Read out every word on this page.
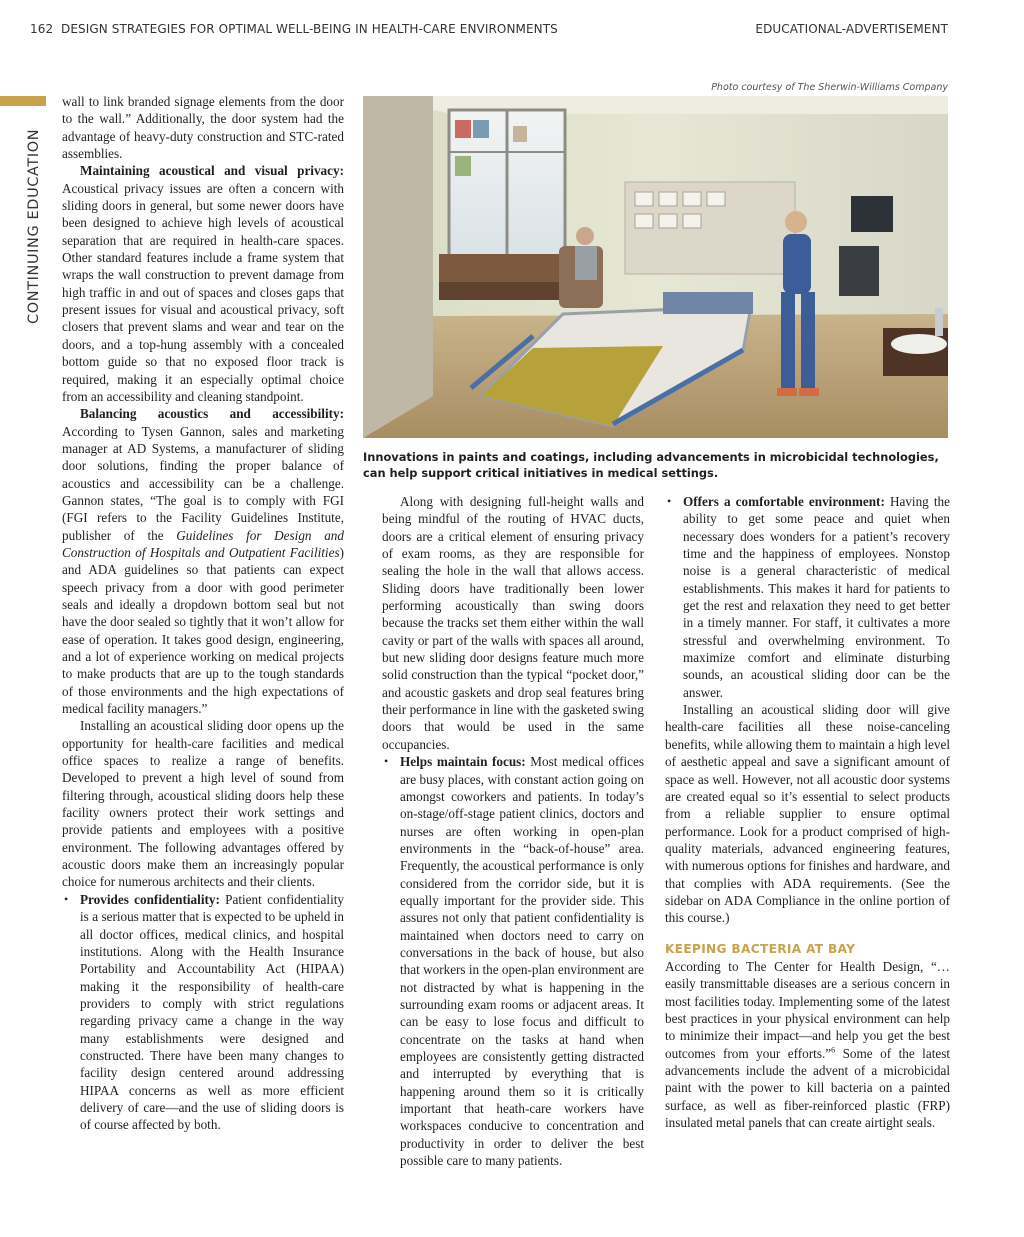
162 DESIGN STRATEGIES FOR OPTIMAL WELL-BEING IN HEALTH-CARE ENVIRONMENTS	EDUCATIONAL-ADVERTISEMENT
CONTINUING EDUCATION

wall to link branded signage elements from the door to the wall.” Additionally, the door system had the advantage of heavy-duty construction and STC-rated assemblies.

Maintaining acoustical and visual privacy: Acoustical privacy issues are often a concern with sliding doors in general, but some newer doors have been designed to achieve high levels of acoustical separation that are required in health-care spaces. Other standard features include a frame system that wraps the wall construction to prevent damage from high traffic in and out of spaces and closes gaps that present issues for visual and acoustical privacy, soft closers that prevent slams and wear and tear on the doors, and a top-hung assembly with a concealed bottom guide so that no exposed floor track is required, making it an especially optimal choice from an accessibility and cleaning standpoint.

Balancing acoustics and accessibility: According to Tysen Gannon, sales and marketing manager at AD Systems, a manufacturer of sliding door solutions, finding the proper balance of acoustics and accessibility can be a challenge. Gannon states, “The goal is to comply with FGI (FGI refers to the Facility Guidelines Institute, publisher of the Guidelines for Design and Construction of Hospitals and Outpatient Facilities) and ADA guidelines so that patients can expect speech privacy from a door with good perimeter seals and ideally a dropdown bottom seal but not have the door sealed so tightly that it won’t allow for ease of operation. It takes good design, engineering, and a lot of experience working on medical projects to make products that are up to the tough standards of those environments and the high expectations of medical facility managers.”

Installing an acoustical sliding door opens up the opportunity for health-care facilities and medical office spaces to realize a range of benefits. Developed to prevent a high level of sound from filtering through, acoustical sliding doors help these facility owners protect their work settings and provide patients and employees with a positive environment. The following advantages offered by acoustic doors make them an increasingly popular choice for numerous architects and their clients.

• Provides confidentiality: Patient confidentiality is a serious matter that is expected to be upheld in all doctor offices, medical clinics, and hospital institutions. Along with the Health Insurance Portability and Accountability Act (HIPAA) making it the responsibility of health-care providers to comply with strict regulations regarding privacy came a change in the way many establishments were designed and constructed. There have been many changes to facility design centered around addressing HIPAA concerns as well as more efficient delivery of care—and the use of sliding doors is of course affected by both.
Photo courtesy of The Sherwin-Williams Company
Innovations in paints and coatings, including advancements in microbicidal technologies, can help support critical initiatives in medical settings.

Along with designing full-height walls and being mindful of the routing of HVAC ducts, doors are a critical element of ensuring privacy of exam rooms, as they are responsible for sealing the hole in the wall that allows access. Sliding doors have traditionally been lower performing acoustically than swing doors because the tracks set them either within the wall cavity or part of the walls with spaces all around, but new sliding door designs feature much more solid construction than the typical “pocket door,” and acoustic gaskets and drop seal features bring their performance in line with the gasketed swing doors that would be used in the same occupancies.

• Helps maintain focus: Most medical offices are busy places, with constant action going on amongst coworkers and patients. In today’s on-stage/off-stage patient clinics, doctors and nurses are often working in open-plan environments in the “back-of-house” area. Frequently, the acoustical performance is only considered from the corridor side, but it is equally important for the provider side. This assures not only that patient confidentiality is maintained when doctors need to carry on conversations in the back of house, but also that workers in the open-plan environment are not distracted by what is happening in the surrounding exam rooms or adjacent areas. It can be easy to lose focus and difficult to concentrate on the tasks at hand when employees are consistently getting distracted and interrupted by everything that is happening around them so it is critically important that heath-care workers have workspaces conducive to concentration and productivity in order to deliver the best possible care to many patients.
• Offers a comfortable environment: Having the ability to get some peace and quiet when necessary does wonders for a patient’s recovery time and the happiness of employees. Nonstop noise is a general characteristic of medical establishments. This makes it hard for patients to get the rest and relaxation they need to get better in a timely manner. For staff, it cultivates a more stressful and overwhelming environment. To maximize comfort and eliminate disturbing sounds, an acoustical sliding door can be the answer.

Installing an acoustical sliding door will give health-care facilities all these noise-canceling benefits, while allowing them to maintain a high level of aesthetic appeal and save a significant amount of space as well. However, not all acoustic door systems are created equal so it’s essential to select products from a reliable supplier to ensure optimal performance. Look for a product comprised of high-quality materials, advanced engineering features, with numerous options for finishes and hardware, and that complies with ADA requirements. (See the sidebar on ADA Compliance in the online portion of this course.)

KEEPING BACTERIA AT BAY

According to The Center for Health Design, “…easily transmittable diseases are a serious concern in most facilities today. Implementing some of the latest best practices in your physical environment can help to minimize their impact—and help you get the best outcomes from your efforts.”$^6$ Some of the latest advancements include the advent of a microbicidal paint with the power to kill bacteria on a painted surface, as well as fiber-reinforced plastic (FRP) insulated metal panels that can create airtight seals.
